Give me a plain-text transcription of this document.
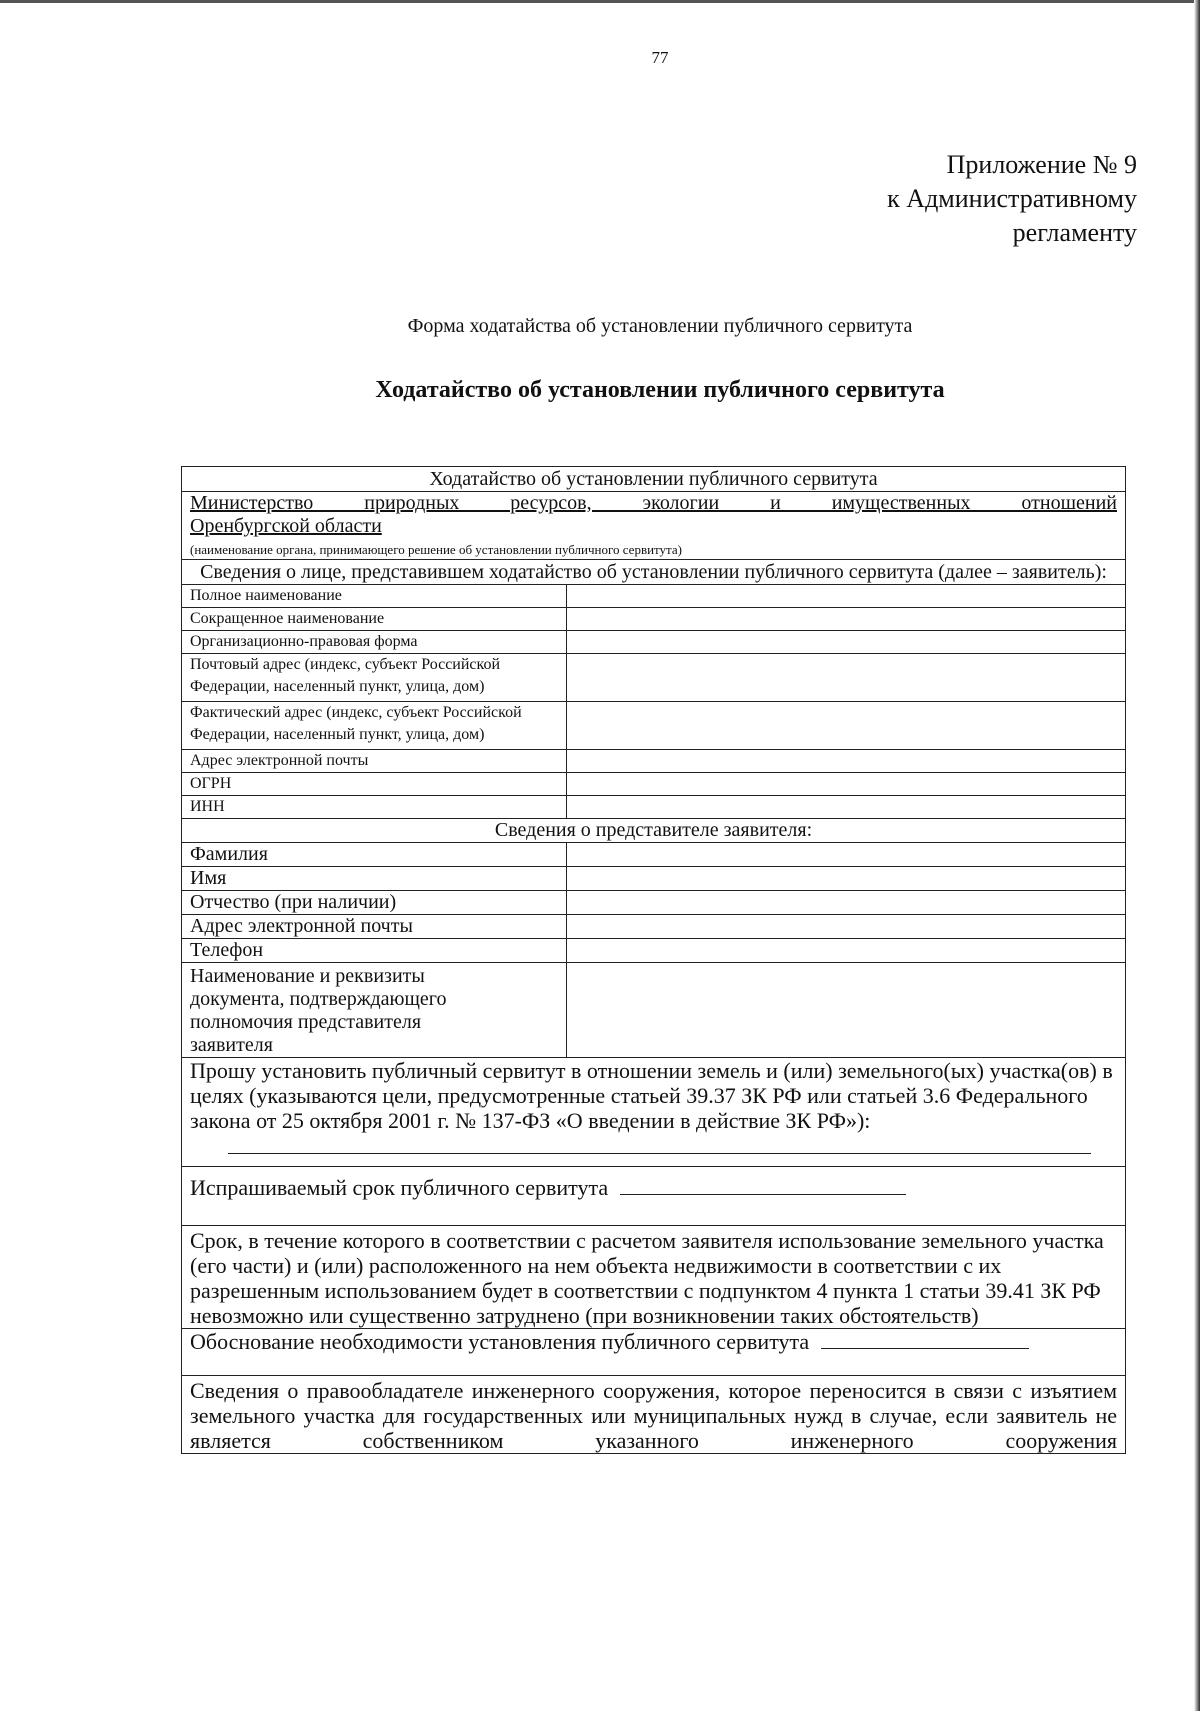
77
Приложение № 9
к Административному
регламенту
Форма ходатайства об установлении публичного сервитута
Ходатайство об установлении публичного сервитута
Ходатайство об установлении публичного сервитута	

Министерство природных ресурсов, экологии и имущественных отношений
Оренбургской области
(наименование органа, принимающего решение об установлении публичного сервитута)	

Сведения о лице, представившем ходатайство об установлении публичного сервитута (далее – заявитель):	
Полное наименование	
Сокращенное наименование	
Организационно-правовая форма	
Почтовый адрес (индекс, субъект Российской Федерации, населенный пункт, улица, дом)	
Фактический адрес (индекс, субъект Российской Федерации, населенный пункт, улица, дом)	
Адрес электронной почты	
ОГРН	
ИНН	
Сведения о представителе заявителя:	
Фамилия	
Имя	
Отчество (при наличии)	
Адрес электронной почты	
Телефон	
Наименование и реквизиты документа, подтверждающего полномочия представителя заявителя	

Прошу установить публичный сервитут в отношении земель и (или) земельного(ых) участка(ов) в целях (указываются цели, предусмотренные статьей 39.37 ЗК РФ или статьей 3.6 Федерального закона от 25 октября 2001 г. № 137-ФЗ «О введении в действие ЗК РФ»):	

Испрашиваемый срок публичного сервитута	
Срок, в течение которого в соответствии с расчетом заявителя использование земельного участка (его части) и (или) расположенного на нем объекта недвижимости в соответствии с их разрешенным использованием будет в соответствии с подпунктом 4 пункта 1 статьи 39.41 ЗК РФ невозможно или существенно затруднено (при возникновении таких обстоятельств)	
Обоснование необходимости установления публичного сервитута	
Сведения о правообладателе инженерного сооружения, которое переносится в связи с изъятием земельного участка для государственных или муниципальных нужд в случае, если заявитель не является собственником указанного инженерного сооружения	
